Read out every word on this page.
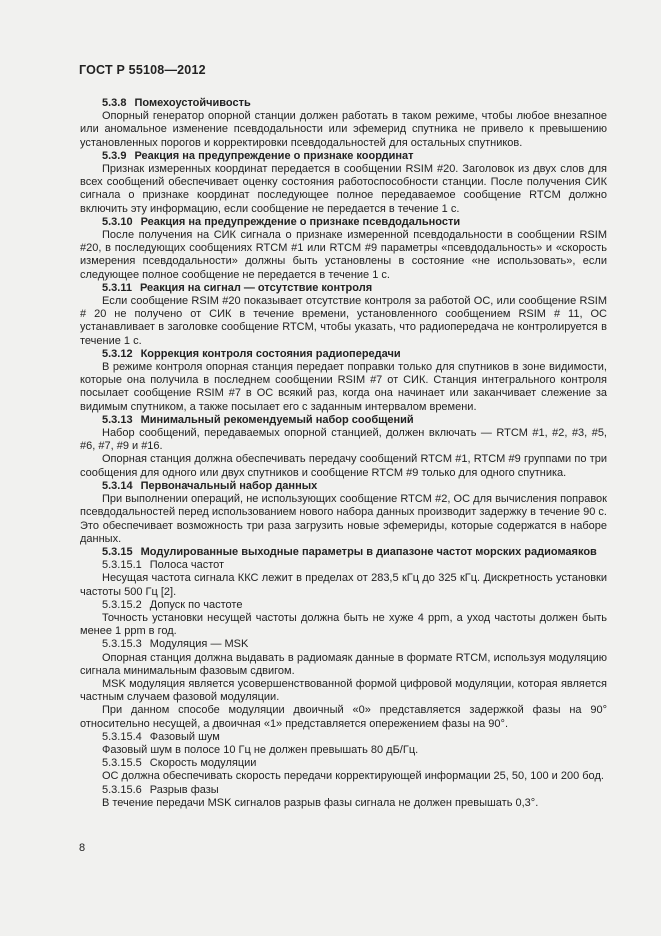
ГОСТ Р 55108—2012

5.3.8 Помехоустойчивость

Опорный генератор опорной станции должен работать в таком режиме, чтобы любое внезапное или аномальное изменение псевдодальности или эфемерид спутника не привело к превышению установленных порогов и корректировки псевдодальностей для остальных спутников.

5.3.9 Реакция на предупреждение о признаке координат

Признак измеренных координат передается в сообщении RSIM #20. Заголовок из двух слов для всех сообщений обеспечивает оценку состояния работоспособности станции. После получения СИК сигнала о признаке координат последующее полное передаваемое сообщение RTCM должно включить эту информацию, если сообщение не передается в течение 1 с.

5.3.10 Реакция на предупреждение о признаке псевдодальности

После получения на СИК сигнала о признаке измеренной псевдодальности в сообщении RSIM #20, в последующих сообщениях RTCM #1 или RTCM #9 параметры «псевдодальность» и «скорость измерения псевдодальности» должны быть установлены в состояние «не использовать», если следующее полное сообщение не передается в течение 1 с.

5.3.11 Реакция на сигнал — отсутствие контроля

Если сообщение RSIM #20 показывает отсутствие контроля за работой ОС, или сообщение RSIM # 20 не получено от СИК в течение времени, установленного сообщением RSIM # 11, ОС устанавливает в заголовке сообщение RTCM, чтобы указать, что радиопередача не контролируется в течение 1 с.

5.3.12 Коррекция контроля состояния радиопередачи

В режиме контроля опорная станция передает поправки только для спутников в зоне видимости, которые она получила в последнем сообщении RSIM #7 от СИК. Станция интегрального контроля посылает сообщение RSIM #7 в ОС всякий раз, когда она начинает или заканчивает слежение за видимым спутником, а также посылает его с заданным интервалом времени.

5.3.13 Минимальный рекомендуемый набор сообщений

Набор сообщений, передаваемых опорной станцией, должен включать — RTCM #1, #2, #3, #5, #6, #7, #9 и #16.

Опорная станция должна обеспечивать передачу сообщений RTCM #1, RTCM #9 группами по три сообщения для одного или двух спутников и сообщение RTCM #9 только для одного спутника.

5.3.14 Первоначальный набор данных

При выполнении операций, не использующих сообщение RTCM #2, ОС для вычисления поправок псевдодальностей перед использованием нового набора данных производит задержку в течение 90 с. Это обеспечивает возможность три раза загрузить новые эфемериды, которые содержатся в наборе данных.

5.3.15 Модулированные выходные параметры в диапазоне частот морских радиомаяков

5.3.15.1 Полоса частот

Несущая частота сигнала ККС лежит в пределах от 283,5 кГц до 325 кГц. Дискретность установки частоты 500 Гц [2].

5.3.15.2 Допуск по частоте

Точность установки несущей частоты должна быть не хуже 4 ppm, а уход частоты должен быть менее 1 ppm в год.

5.3.15.3 Модуляция — MSK

Опорная станция должна выдавать в радиомаяк данные в формате RTCM, используя модуляцию сигнала минимальным фазовым сдвигом.

MSK модуляция является усовершенствованной формой цифровой модуляции, которая является частным случаем фазовой модуляции.

При данном способе модуляции двоичный «0» представляется задержкой фазы на 90° относительно несущей, а двоичная «1» представляется опережением фазы на 90°.

5.3.15.4 Фазовый шум

Фазовый шум в полосе 10 Гц не должен превышать 80 дБ/Гц.

5.3.15.5 Скорость модуляции

ОС должна обеспечивать скорость передачи корректирующей информации 25, 50, 100 и 200 бод.

5.3.15.6 Разрыв фазы

В течение передачи MSK сигналов разрыв фазы сигнала не должен превышать 0,3°.

8
